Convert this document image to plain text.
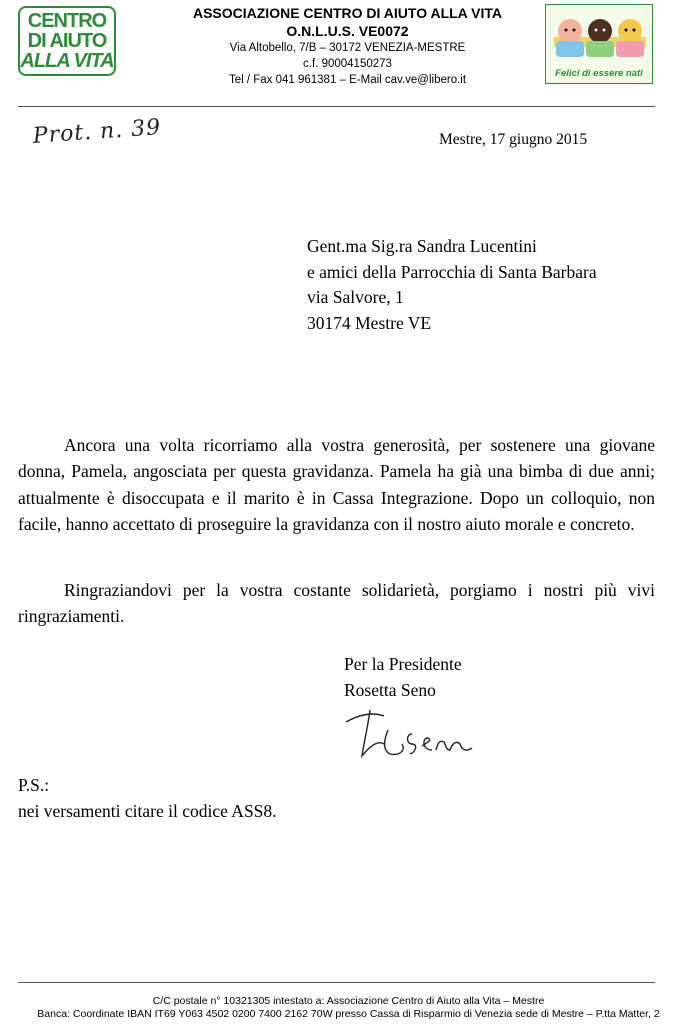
CENTRO
DI AIUTO
ALLA VITA
ASSOCIAZIONE CENTRO DI AIUTO ALLA VITA
O.N.L.U.S. VE0072
Via Altobello, 7/B – 30172 VENEZIA-MESTRE
c.f. 90004150273
Tel / Fax 041 961381 – E-Mail cav.ve@libero.it
Felici di essere nati
Prot. n. 39	Mestre, 17 giugno 2015
Gent.ma Sig.ra Sandra Lucentini
e amici della Parrocchia di Santa Barbara
via Salvore, 1
30174 Mestre VE
Ancora una volta ricorriamo alla vostra generosità, per sostenere una giovane donna, Pamela, angosciata per questa gravidanza. Pamela ha già una bimba di due anni; attualmente è disoccupata e il marito è in Cassa Integrazione. Dopo un colloquio, non facile, hanno accettato di proseguire la gravidanza con il nostro aiuto morale e concreto.
Ringraziandovi per la vostra costante solidarietà, porgiamo i nostri più vivi ringraziamenti.
Per la Presidente
Rosetta Seno
P.S.:
nei versamenti citare il codice ASS8.
C/C postale n° 10321305 intestato a: Associazione Centro di Aiuto alla Vita – Mestre
Banca: Coordinate IBAN IT69 Y063 4502 0200 7400 2162 70W presso Cassa di Risparmio di Venezia sede di Mestre – P.tta Matter, 2
